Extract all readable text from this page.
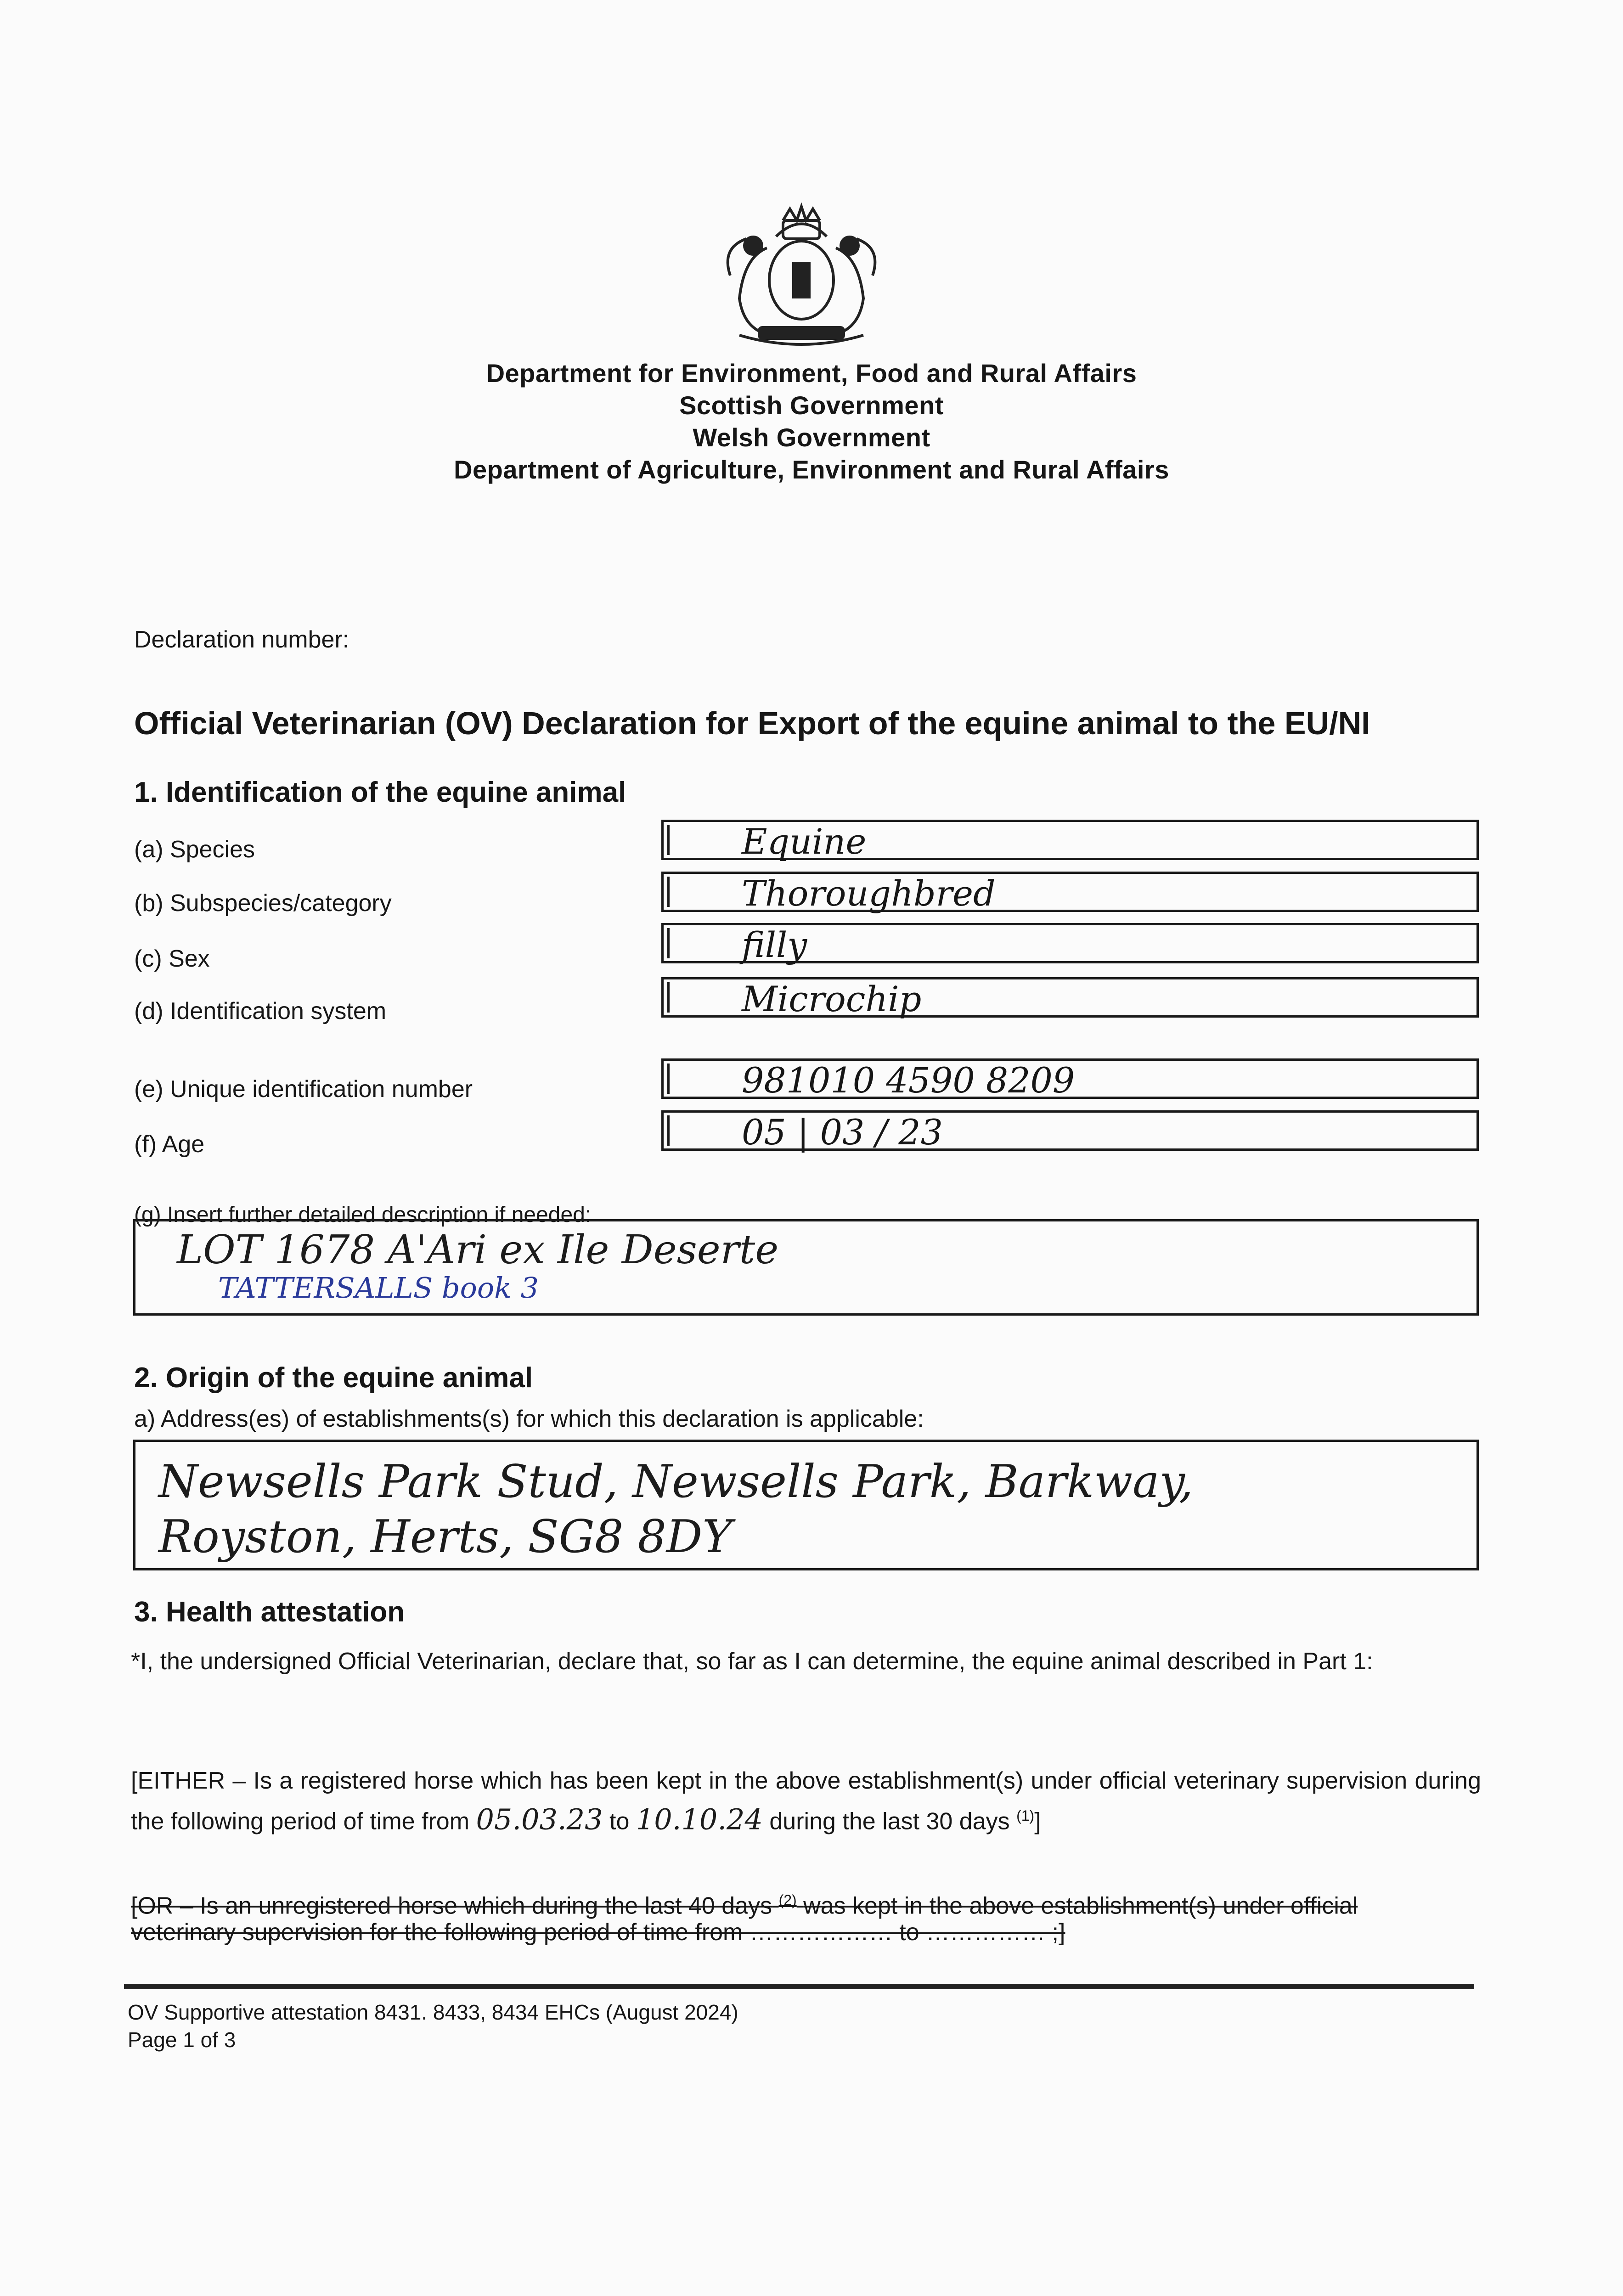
Department for Environment, Food and Rural Affairs
Scottish Government
Welsh Government
Department of Agriculture, Environment and Rural Affairs
Declaration number:
Official Veterinarian (OV) Declaration for Export of the equine animal to the EU/NI
1. Identification of the equine animal
(a) Species	Equine
(b) Subspecies/category	Thoroughbred
(c) Sex	filly
(d) Identification system	Microchip
(e) Unique identification number	981010 4590 8209
(f) Age	05 | 03 / 23
(g) Insert further detailed description if needed:
LOT 1678 A'Ari ex Ile Deserte
TATTERSALLS book 3
2. Origin of the equine animal
a) Address(es) of establishments(s) for which this declaration is applicable:
Newsells Park Stud, Newsells Park, Barkway,
Royston, Herts, SG8 8DY
3. Health attestation
*I, the undersigned Official Veterinarian, declare that, so far as I can determine, the equine animal described in Part 1:
[EITHER – Is a registered horse which has been kept in the above establishment(s) under official veterinary supervision during the following period of time from 05.03.23 to 10.10.24 during the last 30 days $^{(1)}$]
[OR – Is an unregistered horse which during the last 40 days $^{(2)}$ was kept in the above establishment(s) under official
veterinary supervision for the following period of time from ……………… to …………… ;]
OV Supportive attestation 8431. 8433, 8434 EHCs (August 2024)
Page 1 of 3
